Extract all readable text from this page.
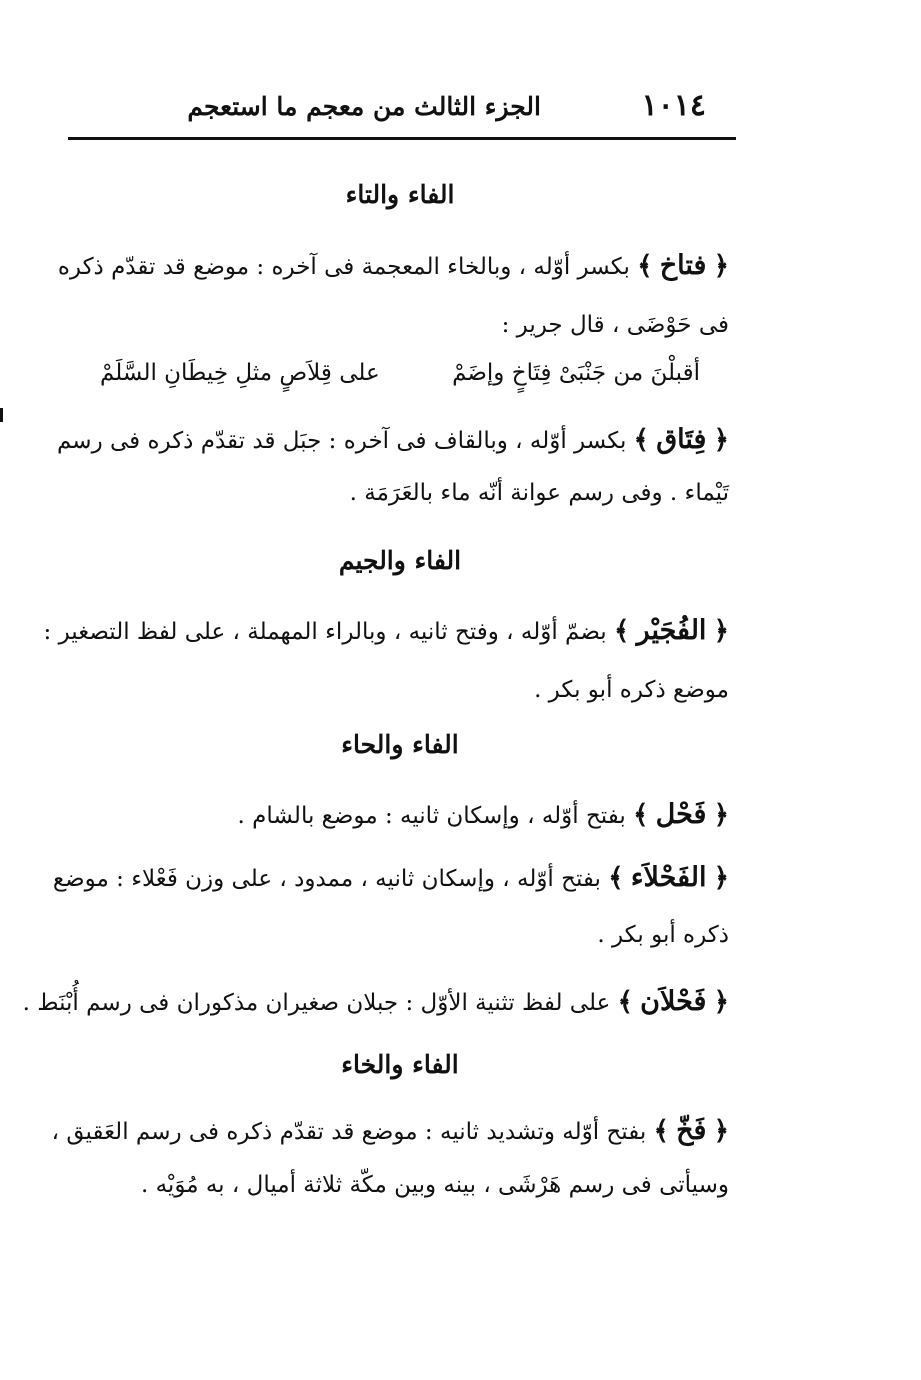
١٠١٤
الجزء الثالث من معجم ما استعجم
الفاء والتاء
﴿ فتاخ ﴾ بكسر أوّله ، وبالخاء المعجمة فى آخره : موضع قد تقدّم ذكره
فى حَوْضَى ، قال جرير :
أقبلْنَ من جَنْبَىْ فِتَاخٍ وإضَمْ
على قِلاَصٍ مثلِ خِيطَانِ السَّلَمْ
﴿ فِتَاق ﴾ بكسر أوّله ، وبالقاف فى آخره : جبَل قد تقدّم ذكره فى رسم
تَيْماء . وفى رسم عوانة أنّه ماء بالعَرَمَة .
الفاء والجيم
﴿ الفُجَيْر ﴾ بضمّ أوّله ، وفتح ثانيه ، وبالراء المهملة ، على لفظ التصغير :
موضع ذكره أبو بكر .
الفاء والحاء
﴿ فَحْل ﴾ بفتح أوّله ، وإسكان ثانيه : موضع بالشام .
﴿ الفَحْلاَء ﴾ بفتح أوّله ، وإسكان ثانيه ، ممدود ، على وزن فَعْلاء : موضع
ذكره أبو بكر .
﴿ فَحْلاَن ﴾ على لفظ تثنية الأوّل : جبلان صغيران مذكوران فى رسم أُبْنَط .
الفاء والخاء
﴿ فَخّ ﴾ بفتح أوّله وتشديد ثانيه : موضع قد تقدّم ذكره فى رسم العَقيق ،
وسيأتى فى رسم هَرْشَى ، بينه وبين مكّة ثلاثة أميال ، به مُوَيْه .
